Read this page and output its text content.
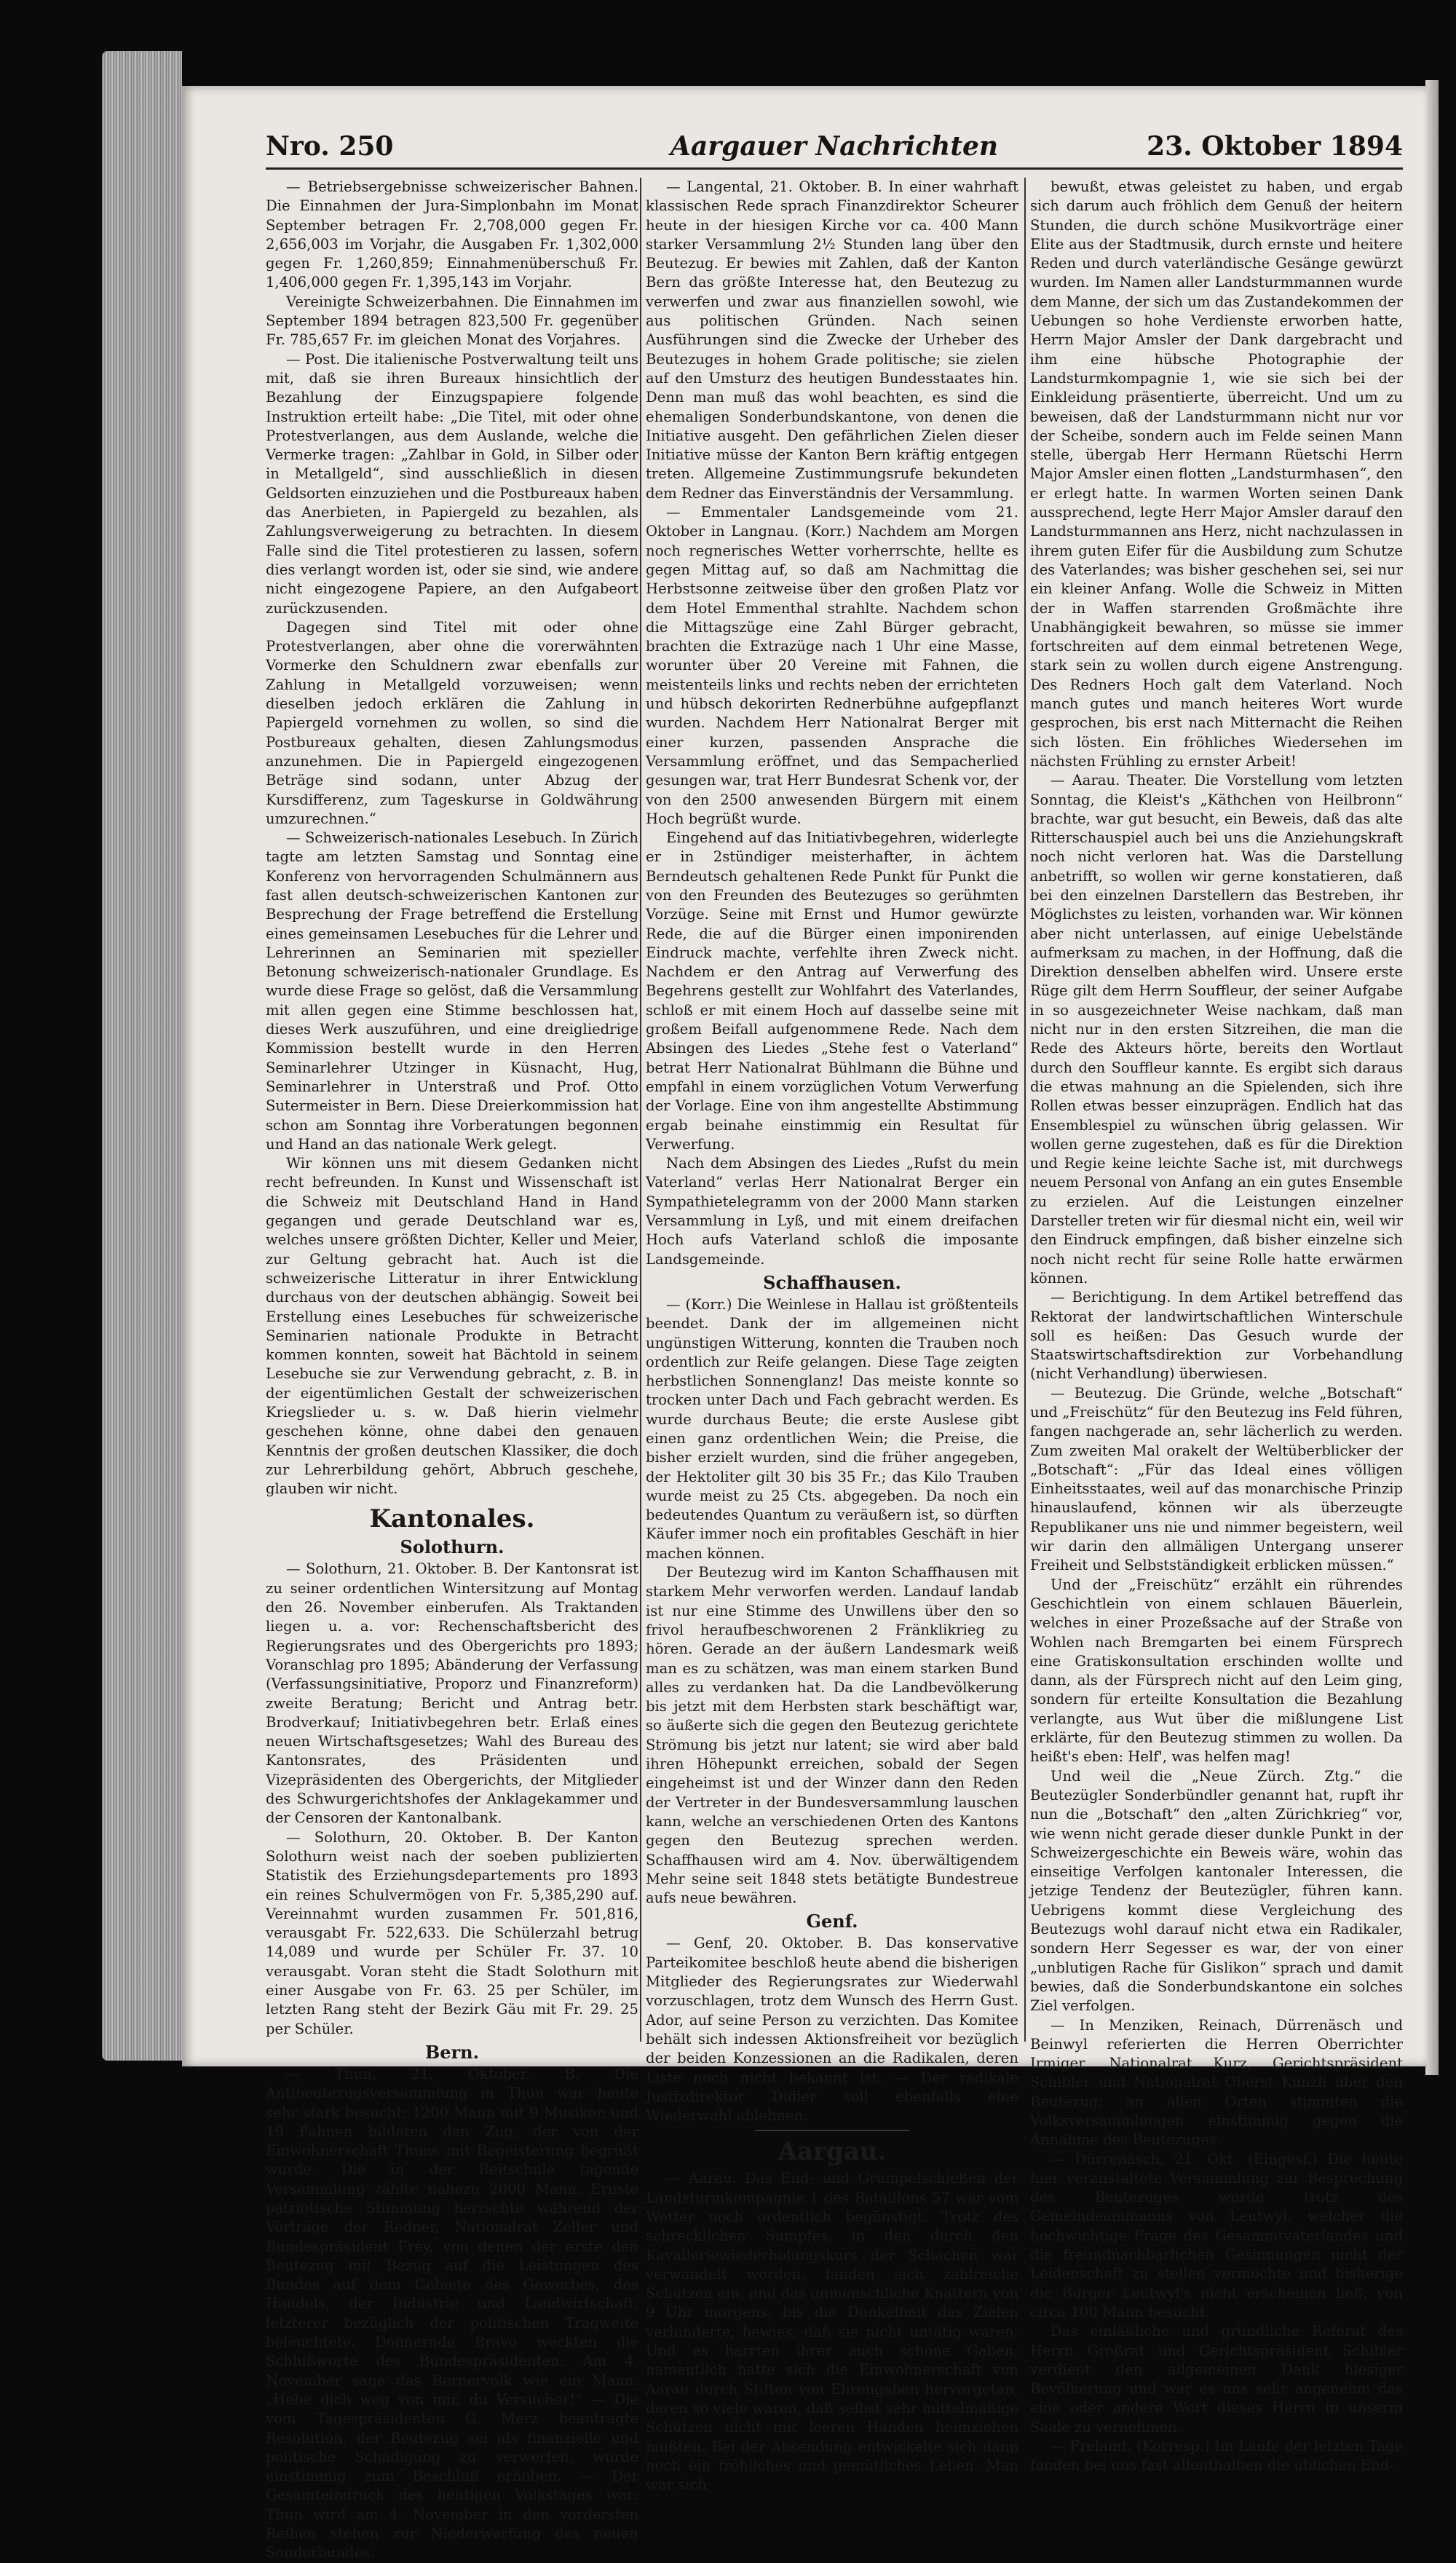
Nro. 250	Aargauer Nachrichten	23. Oktober 1894

— Betriebsergebnisse schweizerischer Bahnen. Die Einnahmen der Jura-Simplonbahn im Monat September betragen Fr. 2,708,000 gegen Fr. 2,656,003 im Vorjahr, die Ausgaben Fr. 1,302,000 gegen Fr. 1,260,859; Einnahmenüberschuß Fr. 1,406,000 gegen Fr. 1,395,143 im Vorjahr.

Vereinigte Schweizerbahnen. Die Einnahmen im September 1894 betragen 823,500 Fr. gegenüber Fr. 785,657 Fr. im gleichen Monat des Vorjahres.

— Post. Die italienische Postverwaltung teilt uns mit, daß sie ihren Bureaux hinsichtlich der Bezahlung der Einzugspapiere folgende Instruktion erteilt habe: „Die Titel, mit oder ohne Protestverlangen, aus dem Auslande, welche die Vermerke tragen: „Zahlbar in Gold, in Silber oder in Metallgeld“, sind ausschließlich in diesen Geldsorten einzuziehen und die Postbureaux haben das Anerbieten, in Papiergeld zu bezahlen, als Zahlungsverweigerung zu betrachten. In diesem Falle sind die Titel protestieren zu lassen, sofern dies verlangt worden ist, oder sie sind, wie andere nicht eingezogene Papiere, an den Aufgabeort zurückzusenden.

Dagegen sind Titel mit oder ohne Protestverlangen, aber ohne die vorerwähnten Vormerke den Schuldnern zwar ebenfalls zur Zahlung in Metallgeld vorzuweisen; wenn dieselben jedoch erklären die Zahlung in Papiergeld vornehmen zu wollen, so sind die Postbureaux gehalten, diesen Zahlungsmodus anzunehmen. Die in Papiergeld eingezogenen Beträge sind sodann, unter Abzug der Kursdifferenz, zum Tageskurse in Goldwährung umzurechnen.“

— Schweizerisch-nationales Lesebuch. In Zürich tagte am letzten Samstag und Sonntag eine Konferenz von hervorragenden Schulmännern aus fast allen deutsch-schweizerischen Kantonen zur Besprechung der Frage betreffend die Erstellung eines gemeinsamen Lesebuches für die Lehrer und Lehrerinnen an Seminarien mit spezieller Betonung schweizerisch-nationaler Grundlage. Es wurde diese Frage so gelöst, daß die Versammlung mit allen gegen eine Stimme beschlossen hat, dieses Werk auszuführen, und eine dreigliedrige Kommission bestellt wurde in den Herren Seminarlehrer Utzinger in Küsnacht, Hug, Seminarlehrer in Unterstraß und Prof. Otto Sutermeister in Bern. Diese Dreierkommission hat schon am Sonntag ihre Vorberatungen begonnen und Hand an das nationale Werk gelegt.

Wir können uns mit diesem Gedanken nicht recht befreunden. In Kunst und Wissenschaft ist die Schweiz mit Deutschland Hand in Hand gegangen und gerade Deutschland war es, welches unsere größten Dichter, Keller und Meier, zur Geltung gebracht hat. Auch ist die schweizerische Litteratur in ihrer Entwicklung durchaus von der deutschen abhängig. Soweit bei Erstellung eines Lesebuches für schweizerische Seminarien nationale Produkte in Betracht kommen konnten, soweit hat Bächtold in seinem Lesebuche sie zur Verwendung gebracht, z. B. in der eigentümlichen Gestalt der schweizerischen Kriegslieder u. s. w. Daß hierin vielmehr geschehen könne, ohne dabei den genauen Kenntnis der großen deutschen Klassiker, die doch zur Lehrerbildung gehört, Abbruch geschehe, glauben wir nicht.

Kantonales.
Solothurn.

— Solothurn, 21. Oktober. B. Der Kantonsrat ist zu seiner ordentlichen Wintersitzung auf Montag den 26. November einberufen. Als Traktanden liegen u. a. vor: Rechenschaftsbericht des Regierungsrates und des Obergerichts pro 1893; Voranschlag pro 1895; Abänderung der Verfassung (Verfassungsinitiative, Proporz und Finanzreform) zweite Beratung; Bericht und Antrag betr. Brodverkauf; Initiativbegehren betr. Erlaß eines neuen Wirtschaftsgesetzes; Wahl des Bureau des Kantonsrates, des Präsidenten und Vizepräsidenten des Obergerichts, der Mitglieder des Schwurgerichtshofes der Anklagekammer und der Censoren der Kantonalbank.

— Solothurn, 20. Oktober. B. Der Kanton Solothurn weist nach der soeben publizierten Statistik des Erziehungsdepartements pro 1893 ein reines Schulvermögen von Fr. 5,385,290 auf. Vereinnahmt wurden zusammen Fr. 501,816, verausgabt Fr. 522,633. Die Schülerzahl betrug 14,089 und wurde per Schüler Fr. 37. 10 verausgabt. Voran steht die Stadt Solothurn mit einer Ausgabe von Fr. 63. 25 per Schüler, im letzten Rang steht der Bezirk Gäu mit Fr. 29. 25 per Schüler.

Bern.

— Thun, 21. Oktober. B. Die Antibeutezugsversammlung in Thun war heute sehr stark besucht; 1200 Mann mit 9 Musiken und 19 Fahnen bildeten den Zug, der von der Einwohnerschaft Thuns mit Begeisterung begrüßt wurde. Die in der Reitschule tagende Versammlung zählte nahezu 2000 Mann. Ernste patriotische Stimmung herrschte während der Vorträge der Redner, Nationalrat Zeller und Bundespräsident Frey, von denen der erste den Beutezug mit Bezug auf die Leistungen des Bundes auf dem Gebiete des Gewerbes, des Handels, der Industrie und Landwirtschaft, letzterer bezüglich der politischen Tragweite beleuchtete. Donnernde Bravo weckten die Schlußworte des Bundespräsidenten: Am 4. November sage das Bernervolk wie ein Mann: „Hebe dich weg von mir, du Versucher!“ — Die vom Tagespräsidenten G. Merz beantragte Resolution, der Beutezug sei als finanzielle und politische Schädigung zu verwerfen, wurde einstimmig zum Beschluß erhoben. — Der Gesamteindruck des heutigen Volkstages war: Thun wird am 4. November in den vordersten Reihen stehen zur Niederwerfung des neuen Sonderbundes.

— Langental, 21. Oktober. B. In einer wahrhaft klassischen Rede sprach Finanzdirektor Scheurer heute in der hiesigen Kirche vor ca. 400 Mann starker Versammlung 2½ Stunden lang über den Beutezug. Er bewies mit Zahlen, daß der Kanton Bern das größte Interesse hat, den Beutezug zu verwerfen und zwar aus finanziellen sowohl, wie aus politischen Gründen. Nach seinen Ausführungen sind die Zwecke der Urheber des Beutezuges in hohem Grade politische; sie zielen auf den Umsturz des heutigen Bundesstaates hin. Denn man muß das wohl beachten, es sind die ehemaligen Sonderbundskantone, von denen die Initiative ausgeht. Den gefährlichen Zielen dieser Initiative müsse der Kanton Bern kräftig entgegen treten. Allgemeine Zustimmungsrufe bekundeten dem Redner das Einverständnis der Versammlung.

— Emmentaler Landsgemeinde vom 21. Oktober in Langnau. (Korr.) Nachdem am Morgen noch regnerisches Wetter vorherrschte, hellte es gegen Mittag auf, so daß am Nachmittag die Herbstsonne zeitweise über den großen Platz vor dem Hotel Emmenthal strahlte. Nachdem schon die Mittagszüge eine Zahl Bürger gebracht, brachten die Extrazüge nach 1 Uhr eine Masse, worunter über 20 Vereine mit Fahnen, die meistenteils links und rechts neben der errichteten und hübsch dekorirten Rednerbühne aufgepflanzt wurden. Nachdem Herr Nationalrat Berger mit einer kurzen, passenden Ansprache die Versammlung eröffnet, und das Sempacherlied gesungen war, trat Herr Bundesrat Schenk vor, der von den 2500 anwesenden Bürgern mit einem Hoch begrüßt wurde.

Eingehend auf das Initiativbegehren, widerlegte er in 2stündiger meisterhafter, in ächtem Berndeutsch gehaltenen Rede Punkt für Punkt die von den Freunden des Beutezuges so gerühmten Vorzüge. Seine mit Ernst und Humor gewürzte Rede, die auf die Bürger einen imponirenden Eindruck machte, verfehlte ihren Zweck nicht. Nachdem er den Antrag auf Verwerfung des Begehrens gestellt zur Wohlfahrt des Vaterlandes, schloß er mit einem Hoch auf dasselbe seine mit großem Beifall aufgenommene Rede. Nach dem Absingen des Liedes „Stehe fest o Vaterland“ betrat Herr Nationalrat Bühlmann die Bühne und empfahl in einem vorzüglichen Votum Verwerfung der Vorlage. Eine von ihm angestellte Abstimmung ergab beinahe einstimmig ein Resultat für Verwerfung.

Nach dem Absingen des Liedes „Rufst du mein Vaterland“ verlas Herr Nationalrat Berger ein Sympathietelegramm von der 2000 Mann starken Versammlung in Lyß, und mit einem dreifachen Hoch aufs Vaterland schloß die imposante Landsgemeinde.

Schaffhausen.

— (Korr.) Die Weinlese in Hallau ist größtenteils beendet. Dank der im allgemeinen nicht ungünstigen Witterung, konnten die Trauben noch ordentlich zur Reife gelangen. Diese Tage zeigten herbstlichen Sonnenglanz! Das meiste konnte so trocken unter Dach und Fach gebracht werden. Es wurde durchaus Beute; die erste Auslese gibt einen ganz ordentlichen Wein; die Preise, die bisher erzielt wurden, sind die früher angegeben, der Hektoliter gilt 30 bis 35 Fr.; das Kilo Trauben wurde meist zu 25 Cts. abgegeben. Da noch ein bedeutendes Quantum zu veräußern ist, so dürften Käufer immer noch ein profitables Geschäft in hier machen können.

Der Beutezug wird im Kanton Schaffhausen mit starkem Mehr verworfen werden. Landauf landab ist nur eine Stimme des Unwillens über den so frivol heraufbeschworenen 2 Fränklikrieg zu hören. Gerade an der äußern Landesmark weiß man es zu schätzen, was man einem starken Bund alles zu verdanken hat. Da die Landbevölkerung bis jetzt mit dem Herbsten stark beschäftigt war, so äußerte sich die gegen den Beutezug gerichtete Strömung bis jetzt nur latent; sie wird aber bald ihren Höhepunkt erreichen, sobald der Segen eingeheimst ist und der Winzer dann den Reden der Vertreter in der Bundesversammlung lauschen kann, welche an verschiedenen Orten des Kantons gegen den Beutezug sprechen werden. Schaffhausen wird am 4. Nov. überwältigendem Mehr seine seit 1848 stets betätigte Bundestreue aufs neue bewähren.

Genf.

— Genf, 20. Oktober. B. Das konservative Parteikomitee beschloß heute abend die bisherigen Mitglieder des Regierungsrates zur Wiederwahl vorzuschlagen, trotz dem Wunsch des Herrn Gust. Ador, auf seine Person zu verzichten. Das Komitee behält sich indessen Aktionsfreiheit vor bezüglich der beiden Konzessionen an die Radikalen, deren Liste noch nicht bekannt ist. — Der radikale Justizdirektor Didier soll ebenfalls eine Wiederwahl ablehnen.

Aargau.

— Aarau. Das End- und Grümpelschießen der Landsturmkompagnie 1 des Bataillons 57 war vom Wetter noch ordentlich begünstigt. Trotz des schrecklichen Sumpfes, in den durch den Kavalleriewiederholungskurs der Schachen war verwandelt worden, fanden sich zahlreiche Schützen ein, und das unmenschliche Knattern von 9 Uhr morgens, bis die Dunkelheit das Zielen verhinderte, bewies, daß sie nicht untätig waren. Und es harrten ihrer auch schöne Gaben; namentlich hatte sich die Einwohnerschaft von Aarau durch Stiften von Ehrengaben hervorgetan, deren so viele waren, daß selbst sehr mittelmäßige Schützen nicht mit leeren Händen heimziehen mußten. Bei der Absendung entwickelte sich dann noch ein fröhliches und gemütliches Leben. Man war sich

bewußt, etwas geleistet zu haben, und ergab sich darum auch fröhlich dem Genuß der heitern Stunden, die durch schöne Musikvorträge einer Elite aus der Stadtmusik, durch ernste und heitere Reden und durch vaterländische Gesänge gewürzt wurden. Im Namen aller Landsturmmannen wurde dem Manne, der sich um das Zustandekommen der Uebungen so hohe Verdienste erworben hatte, Herrn Major Amsler der Dank dargebracht und ihm eine hübsche Photographie der Landsturmkompagnie 1, wie sie sich bei der Einkleidung präsentierte, überreicht. Und um zu beweisen, daß der Landsturmmann nicht nur vor der Scheibe, sondern auch im Felde seinen Mann stelle, übergab Herr Hermann Rüetschi Herrn Major Amsler einen flotten „Landsturmhasen“, den er erlegt hatte. In warmen Worten seinen Dank aussprechend, legte Herr Major Amsler darauf den Landsturmmannen ans Herz, nicht nachzulassen in ihrem guten Eifer für die Ausbildung zum Schutze des Vaterlandes; was bisher geschehen sei, sei nur ein kleiner Anfang. Wolle die Schweiz in Mitten der in Waffen starrenden Großmächte ihre Unabhängigkeit bewahren, so müsse sie immer fortschreiten auf dem einmal betretenen Wege, stark sein zu wollen durch eigene Anstrengung. Des Redners Hoch galt dem Vaterland. Noch manch gutes und manch heiteres Wort wurde gesprochen, bis erst nach Mitternacht die Reihen sich lösten. Ein fröhliches Wiedersehen im nächsten Frühling zu ernster Arbeit!

— Aarau. Theater. Die Vorstellung vom letzten Sonntag, die Kleist's „Käthchen von Heilbronn“ brachte, war gut besucht, ein Beweis, daß das alte Ritterschauspiel auch bei uns die Anziehungskraft noch nicht verloren hat. Was die Darstellung anbetrifft, so wollen wir gerne konstatieren, daß bei den einzelnen Darstellern das Bestreben, ihr Möglichstes zu leisten, vorhanden war. Wir können aber nicht unterlassen, auf einige Uebelstände aufmerksam zu machen, in der Hoffnung, daß die Direktion denselben abhelfen wird. Unsere erste Rüge gilt dem Herrn Souffleur, der seiner Aufgabe in so ausgezeichneter Weise nachkam, daß man nicht nur in den ersten Sitzreihen, die man die Rede des Akteurs hörte, bereits den Wortlaut durch den Souffleur kannte. Es ergibt sich daraus die etwas mahnung an die Spielenden, sich ihre Rollen etwas besser einzuprägen. Endlich hat das Ensemblespiel zu wünschen übrig gelassen. Wir wollen gerne zugestehen, daß es für die Direktion und Regie keine leichte Sache ist, mit durchwegs neuem Personal von Anfang an ein gutes Ensemble zu erzielen. Auf die Leistungen einzelner Darsteller treten wir für diesmal nicht ein, weil wir den Eindruck empfingen, daß bisher einzelne sich noch nicht recht für seine Rolle hatte erwärmen können.

— Berichtigung. In dem Artikel betreffend das Rektorat der landwirtschaftlichen Winterschule soll es heißen: Das Gesuch wurde der Staatswirtschaftsdirektion zur Vorbehandlung (nicht Verhandlung) überwiesen.

— Beutezug. Die Gründe, welche „Botschaft“ und „Freischütz“ für den Beutezug ins Feld führen, fangen nachgerade an, sehr lächerlich zu werden. Zum zweiten Mal orakelt der Weltüberblicker der „Botschaft“: „Für das Ideal eines völligen Einheitsstaates, weil auf das monarchische Prinzip hinauslaufend, können wir als überzeugte Republikaner uns nie und nimmer begeistern, weil wir darin den allmäligen Untergang unserer Freiheit und Selbstständigkeit erblicken müssen.“

Und der „Freischütz“ erzählt ein rührendes Geschichtlein von einem schlauen Bäuerlein, welches in einer Prozeßsache auf der Straße von Wohlen nach Bremgarten bei einem Fürsprech eine Gratiskonsultation erschinden wollte und dann, als der Fürsprech nicht auf den Leim ging, sondern für erteilte Konsultation die Bezahlung verlangte, aus Wut über die mißlungene List erklärte, für den Beutezug stimmen zu wollen. Da heißt's eben: Helf', was helfen mag!

Und weil die „Neue Zürch. Ztg.“ die Beutezügler Sonderbündler genannt hat, rupft ihr nun die „Botschaft“ den „alten Zürichkrieg“ vor, wie wenn nicht gerade dieser dunkle Punkt in der Schweizergeschichte ein Beweis wäre, wohin das einseitige Verfolgen kantonaler Interessen, die jetzige Tendenz der Beutezügler, führen kann. Uebrigens kommt diese Vergleichung des Beutezugs wohl darauf nicht etwa ein Radikaler, sondern Herr Segesser es war, der von einer „unblutigen Rache für Gislikon“ sprach und damit bewies, daß die Sonderbundskantone ein solches Ziel verfolgen.

— In Menziken, Reinach, Dürrenäsch und Beinwyl referierten die Herren Oberrichter Irmiger, Nationalrat Kurz, Gerichtspräsident Schibler und Nationalrat Oberst Künzli über den Beutezug; an allen Orten stimmten die Volksversammlungen einstimmig gegen die Annahme des Beutezuges.

— Dürrenäsch, 21. Okt. (Eingesf.) Die heute hier veranstaltete Versammlung zur Besprechung des Beutezuges wurde trotz des Gemeindeammanns von Leutwyl, welcher die hochwichtige Frage des Gesammtvaterlandes und die freundnachbarlichen Gesinnungen nicht der Leidenschaft zu stellen vermochte und bisherige die Bürger Leutwyl's nicht erscheinen ließ, von circa 100 Mann besucht.

Das einläßliche und gründliche Referat des Herrn Großrat und Gerichtspräsident Schibler verdient den allgemeinen Dank hiesiger Bevölkerung und war es uns sehr angenehm das eine oder andere Wort dieses Herrn in unserm Saale zu vernehmen.

— Frelamt. (Korresp.) Im Laufe der letzten Tage fanden bei uns fast allenthalben die üblichen End-
